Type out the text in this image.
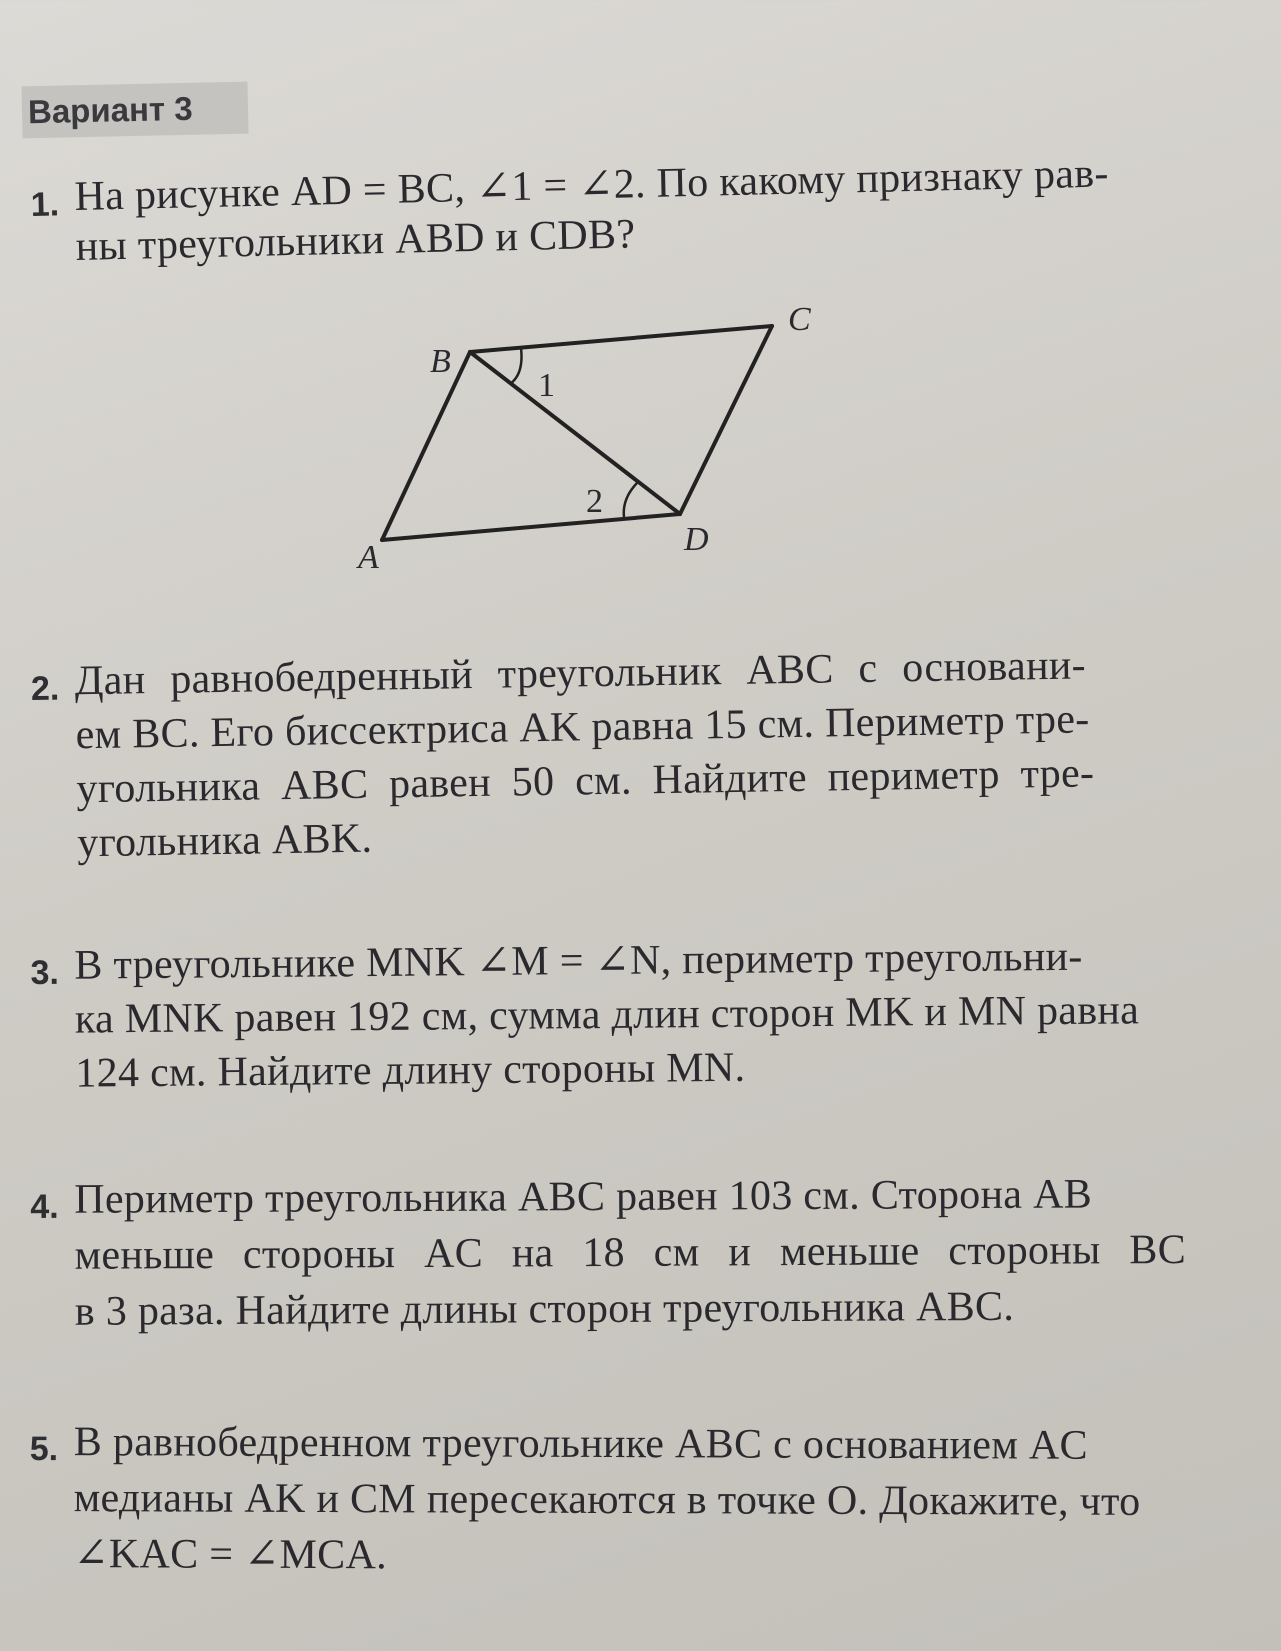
Вариант 3
1. На рисунке AD = BC, ∠1 = ∠2. По какому признаку рав-
ны треугольники ABD и CDB?
A
B
C
D
1
2
2. Дан равнобедренный треугольник ABC с основани-
ем BC. Его биссектриса AK равна 15 см. Периметр тре-
угольника ABC равен 50 см. Найдите периметр тре-
угольника ABK.
3. В треугольнике MNK ∠M = ∠N, периметр треугольни-
ка MNK равен 192 см, сумма длин сторон MK и MN равна
124 см. Найдите длину стороны MN.
4. Периметр треугольника ABC равен 103 см. Сторона AB
меньше стороны AC на 18 см и меньше стороны BC
в 3 раза. Найдите длины сторон треугольника ABC.
5. В равнобедренном треугольнике ABC с основанием AC
медианы AK и CM пересекаются в точке O. Докажите, что
∠KAC = ∠MCA.
